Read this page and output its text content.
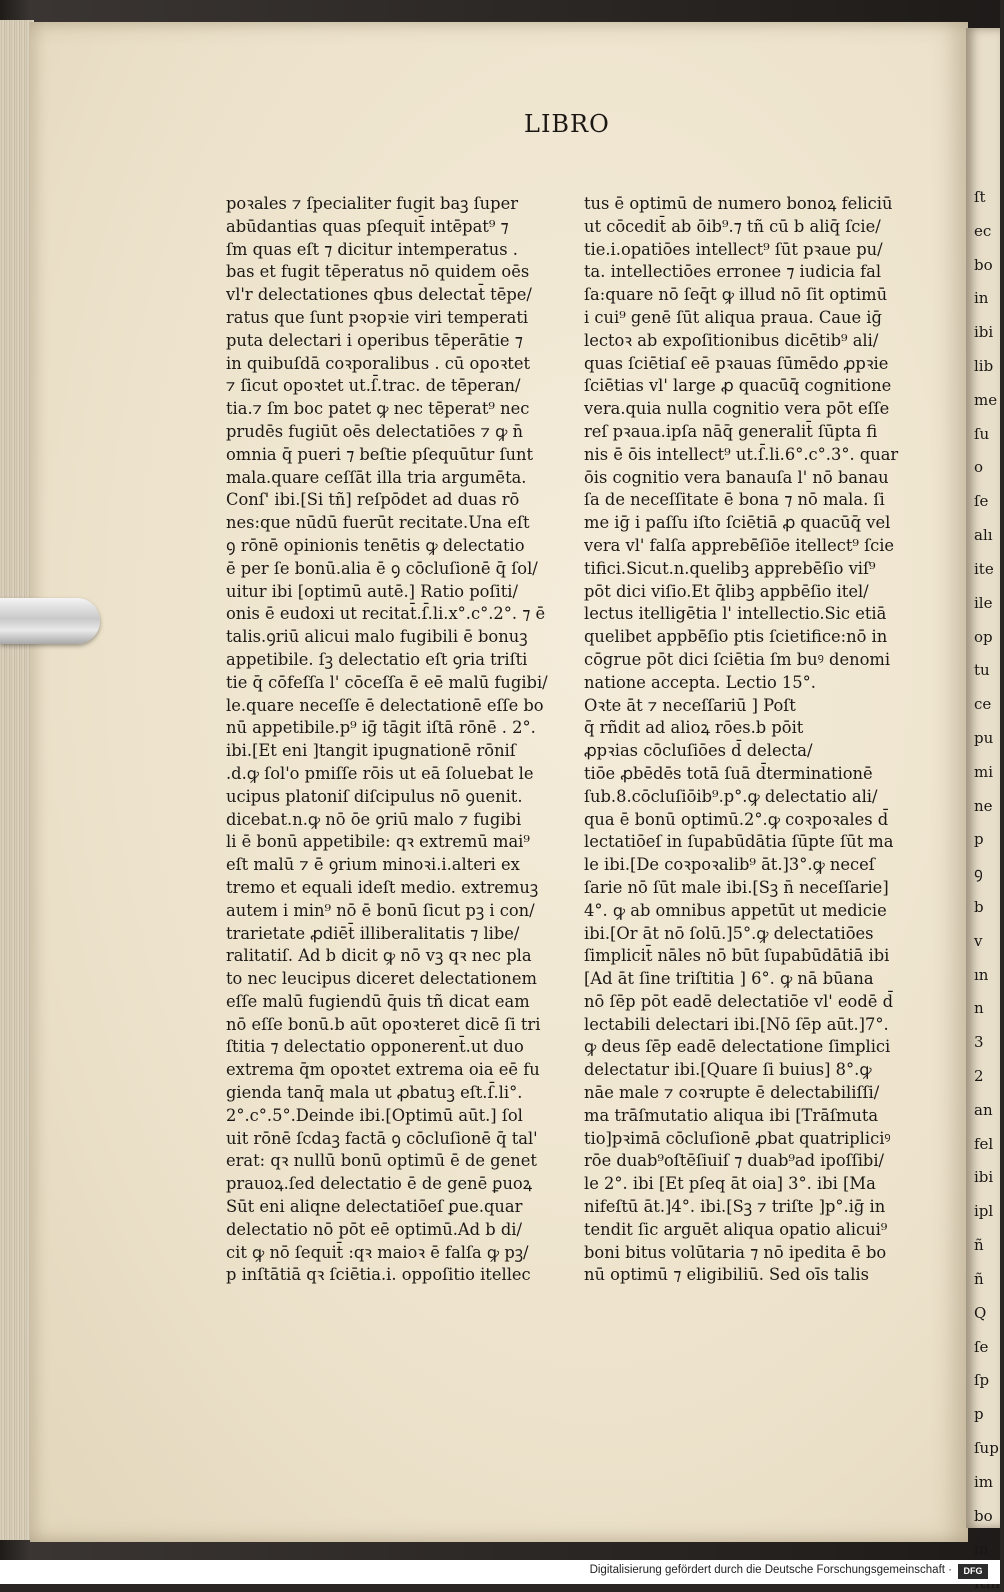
ſt
ec
bo
in
ibi
lib
me
ſu
o
ſe
alı
ite
ile
op
tu
ce
pu
mi
ne
p
ꝯ
b
v
ın
n
3
2
an
fel
ibi
ipl
ñ
ñ
Q
ſe
ſp
p
ſup
im
bo
in
LIBRO
poꝛales ⁊ ſpecialiter fugit baꝫ ſuper
abūdantias quas pſequit̄ intēpat⁹ ⁊
ſm quas eſt ⁊ dicitur intemperatus .
bas et fugit tēperatus nō quidem oēs
vl'r delectationes qbus delectat̄ tēpe/
ratus que ſunt pꝛopꝛie viri temperati
puta delectari i operibus tēperātie ⁊
in quibuſdā coꝛporalibus . cū opoꝛtet
⁊ ſicut opoꝛtet ut.ſ̄.trac. de tēperan/
tia.⁊ ſm boc patet ꝙ nec tēperat⁹ nec
prudēs fugiūt oēs delectatiōes ⁊ ꝙ n̄
omnia q̄ pueri ⁊ beſtie pſequūtur ſunt
mala.quare ceſſāt illa tria argumēta.
Conſ' ibi.[Si tñ] reſpōdet ad duas rō
nes:que nūdū fuerūt recitate.Una eſt
ꝯ rōnē opinionis tenētis ꝙ delectatio
ē per ſe bonū.alia ē ꝯ cōcluſionē q̄ ſol/
uitur ibi [optimū autē.] Ratio poſiti/
onis ē eudoxi ut recitat̄.ſ̄.li.x°.c°.2°. ⁊ ē
talis.ꝯriū alicui malo fugibili ē bonuꝫ
appetibile. ſꝫ delectatio eſt ꝯria triſti
tie q̄ cōfeſſa l' cōceſſa ē eē malū fugibi/
le.quare neceſſe ē delectationē eſſe bo
nū appetibile.p⁹ iḡ tāgit iſtā rōnē . 2°.
ibi.[Et eni ]tangit ipugnationē rōniſ
.d.ꝙ ſol'o pmiſſe rōis ut eā ſoluebat le
ucipus platoniſ diſcipulus nō ꝯuenit.
dicebat.n.ꝙ nō ōe ꝯriū malo ⁊ fugibi
li ē bonū appetibile: qꝛ extremū mai⁹
eſt malū ⁊ ē ꝯrium minoꝛi.i.alteri ex
tremo et equali ideſt medio. extremuꝫ
autem i min⁹ nō ē bonū ſicut pꝫ i con/
trarietate ꝓdiēt̄ illiberalitatis ⁊ libe/
ralitatiſ. Ad b dicit ꝙ nō vꝫ qꝛ nec pla
to nec leucipus diceret delectationem
eſſe malū fugiendū q̄uis tñ dicat eam
nō eſſe bonū.b aūt opoꝛteret dicē ſi tri
ſtitia ⁊ delectatio opponerent̄.ut duo
extrema q̄m opoꝛtet extrema oia eē fu
gienda tanq̄ mala ut ꝓbatuꝫ eſt.ſ̄.li°.
2°.c°.5°.Deinde ibi.[Optimū aūt.] ſol
uit rōnē ſcdaꝫ factā ꝯ cōcluſionē q̄ tal'
erat: qꝛ nullū bonū optimū ē de genet
prauoꝝ.ſed delectatio ē de genē ꝑuoꝝ
Sūt eni aliqne delectatiōeſ ꝑue.quar
delectatio nō pōt eē optimū.Ad b di/
cit ꝙ nō ſequit̄ :qꝛ maioꝛ ē falſa ꝙ pꝫ/
p inſtātiā qꝛ ſciētia.i. oppoſitio itellec
tus ē optimū de numero bonoꝝ feliciū
ut cōcedit̄ ab ōib⁹.⁊ tñ cū b aliq̄ ſcie/
tie.i.opatiōes intellect⁹ ſūt pꝛaue pu/
ta. intellectiōes erronee ⁊ iudicia fal
ſa:quare nō ſeq̄t ꝙ illud nō ſit optimū
i cui⁹ genē ſūt aliqua praua. Caue iḡ
lectoꝛ ab expoſitionibus dicētib⁹ ali/
quas ſciētiaſ eē pꝛauas ſūmēdo ꝓpꝛie
ſciētias vl' large ꝓ quacūq̄ cognitione
vera.quia nulla cognitio vera pōt eſſe
reſ pꝛaua.ipſa nāq̄ generalit̄ ſūpta fi
nis ē ōis intellect⁹ ut.ſ̄.li.6°.c°.3°. quar
ōis cognitio vera banauſa l' nō banau
ſa de neceſſitate ē bona ⁊ nō mala. ſi
me iḡ i paſſu iſto ſciētiā ꝓ quacūq̄ vel
vera vl' falſa apprebēſiōe itellect⁹ ſcie
tifici.Sicut.n.quelibꝫ apprebēſio viſ⁹
pōt dici viſio.Et q̄libꝫ appbēſio itel/
lectus itelligētia l' intellectio.Sic etiā
quelibet appbēſio ptis ſcietifice:nō in
cōgrue pōt dici ſciētia ſm buꝰ denomi
natione accepta. Lectio 15°.
Oꝛte āt ⁊ neceſſariū ] Poſt
q̄ rñdit ad alioꝝ rōes.b pōit
ꝓpꝛias cōcluſiōes d̄ delecta/
tiōe ꝓbēdēs totā ſuā d̄terminationē
ſub.8.cōcluſiōib⁹.p°.ꝙ delectatio ali/
qua ē bonū optimū.2°.ꝙ coꝛpoꝛales d̄
lectatiōeſ in ſupabūdātia ſūpte ſūt ma
le ibi.[De coꝛpoꝛalib⁹ āt.]3°.ꝙ neceſ
ſarie nō ſūt male ibi.[Sꝫ n̄ neceſſarie]
4°. ꝙ ab omnibus appetūt ut medicie
ibi.[Or āt nō ſolū.]5°.ꝙ delectatiōes
ſimplicit̄ nāles nō būt ſupabūdātiā ibi
[Ad āt ſine triſtitia ] 6°. ꝙ nā būana
nō ſēp pōt eadē delectatiōe vl' eodē d̄
lectabili delectari ibi.[Nō ſēp aūt.]7°.
ꝙ deus ſēp eadē delectatione ſimplici
delectatur ibi.[Quare ſi buius] 8°.ꝙ
nāe male ⁊ coꝛrupte ē delectabiliſſi/
ma trāſmutatio aliqua ibi [Trāſmuta
tio]pꝛimā cōcluſionē ꝓbat quatripliciꝰ
rōe duab⁹oſtēſiuiſ ⁊ duab⁹ad ipoſſibi/
le 2°. ibi [Et pſeq āt oia] 3°. ibi [Ma
nifeſtū āt.]4°. ibi.[Sꝫ ⁊ triſte ]p°.iḡ in
tendit ſic arguēt aliqua opatio alicui⁹
boni bitus volūtaria ⁊ nō ipedita ē bo
nū optimū ⁊ eligibiliū. Sed oīs talis
Digitalisierung gefördert durch die Deutsche Forschungsgemeinschaft ·	DFG
